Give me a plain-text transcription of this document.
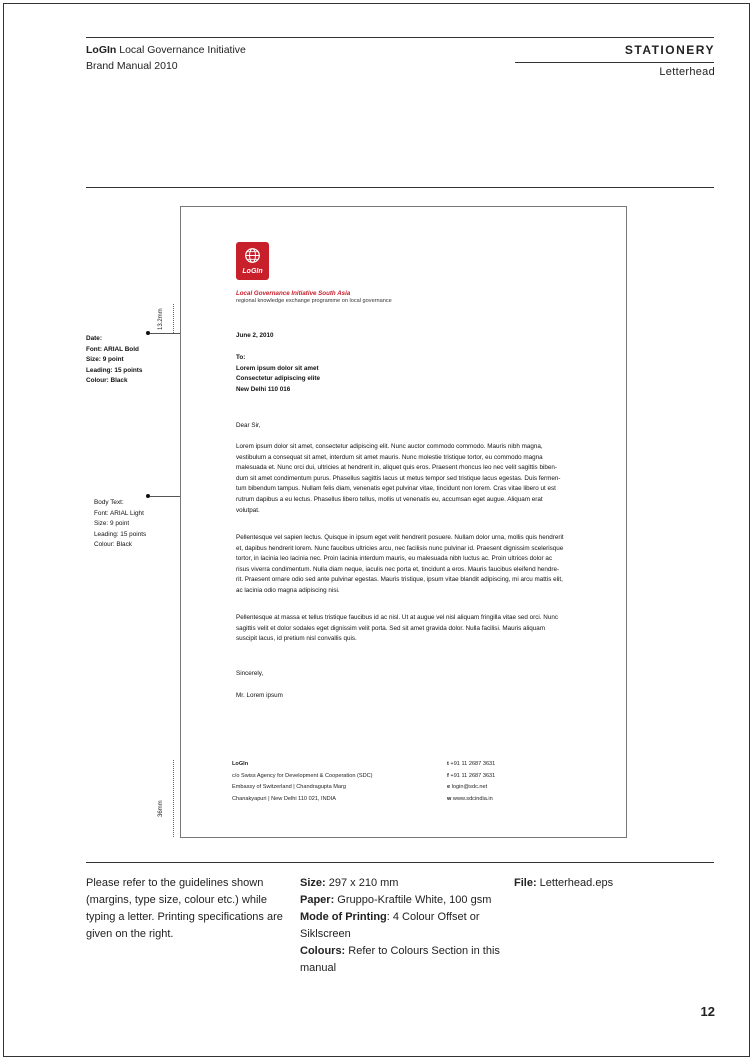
LoGIn Local Governance Initiative
Brand Manual 2010
STATIONERY
Letterhead
Date:
Font: ARIAL Bold
Size: 9 point
Leading: 15 points
Colour: Black
Body Text:
Font: ARIAL Light
Size: 9 point
Leading: 15 points
Colour: Black
13.2mm
36mm
LoGIn
Local Governance Initiative South Asia
regional knowledge exchange programme on local governance
June 2, 2010
To:
Lorem ipsum dolor sit amet
Consectetur adipiscing elite
New Delhi 110 016
Dear Sir,
Lorem ipsum dolor sit amet, consectetur adipiscing elit. Nunc auctor commodo commodo. Mauris nibh magna,
vestibulum a consequat sit amet, interdum sit amet mauris. Nunc molestie tristique tortor, eu commodo magna
malesuada et. Nunc orci dui, ultricies at hendrerit in, aliquet quis eros. Praesent rhoncus leo nec velit sagittis biben-
dum sit amet condimentum purus. Phasellus sagittis lacus ut metus tempor sed tristique lacus egestas. Duis fermen-
tum bibendum tampus. Nullam felis diam, venenatis eget pulvinar vitae, tincidunt non lorem. Cras vitae libero ut est
rutrum dapibus a eu lectus. Phasellus libero tellus, mollis ut venenatis eu, accumsan eget augue. Aliquam erat
volutpat.
Pellentesque vel sapien lectus. Quisque in ipsum eget velit hendrerit posuere. Nullam dolor urna, mollis quis hendrerit
et, dapibus hendrerit lorem. Nunc faucibus ultricies arcu, nec facilisis nunc pulvinar id. Praesent dignissim scelerisque
tortor, in lacinia leo lacinia nec. Proin lacinia interdum mauris, eu malesuada nibh luctus ac. Proin ultrices dolor ac
risus viverra condimentum. Nulla diam neque, iaculis nec porta et, tincidunt a eros. Mauris faucibus eleifend hendre-
rit. Praesent ornare odio sed ante pulvinar egestas. Mauris tristique, ipsum vitae blandit adipiscing, mi arcu mattis elit,
ac lacinia odio magna adipiscing nisi.
Pellentesque at massa et tellus tristique faucibus id ac nisl. Ut at augue vel nisl aliquam fringilla vitae sed orci. Nunc
sagittis velit et dolor sodales eget dignissim velit porta. Sed sit amet gravida dolor. Nulla facilisi. Mauris aliquam
suscipit lacus, id pretium nisl convallis quis.
Sincerely,
Mr. Lorem ipsum
LoGIn
c/o Swiss Agency for Development & Cooperation (SDC)
Embassy of Switzerland | Chandragupta Marg
Chanakyapuri | New Delhi 110 021, INDIA
t +91 11 2687 3631
f +91 11 2687 3631
e login@sdc.net
w www.sdcindia.in
Please refer to the guidelines shown (margins, type size, colour etc.) while typing a letter. Printing specifications are given on the right.
Size: 297 x 210 mm
Paper: Gruppo-Kraftile White, 100 gsm
Mode of Printing: 4 Colour Offset or Siklscreen
Colours: Refer to Colours Section in this manual
File: Letterhead.eps
12
